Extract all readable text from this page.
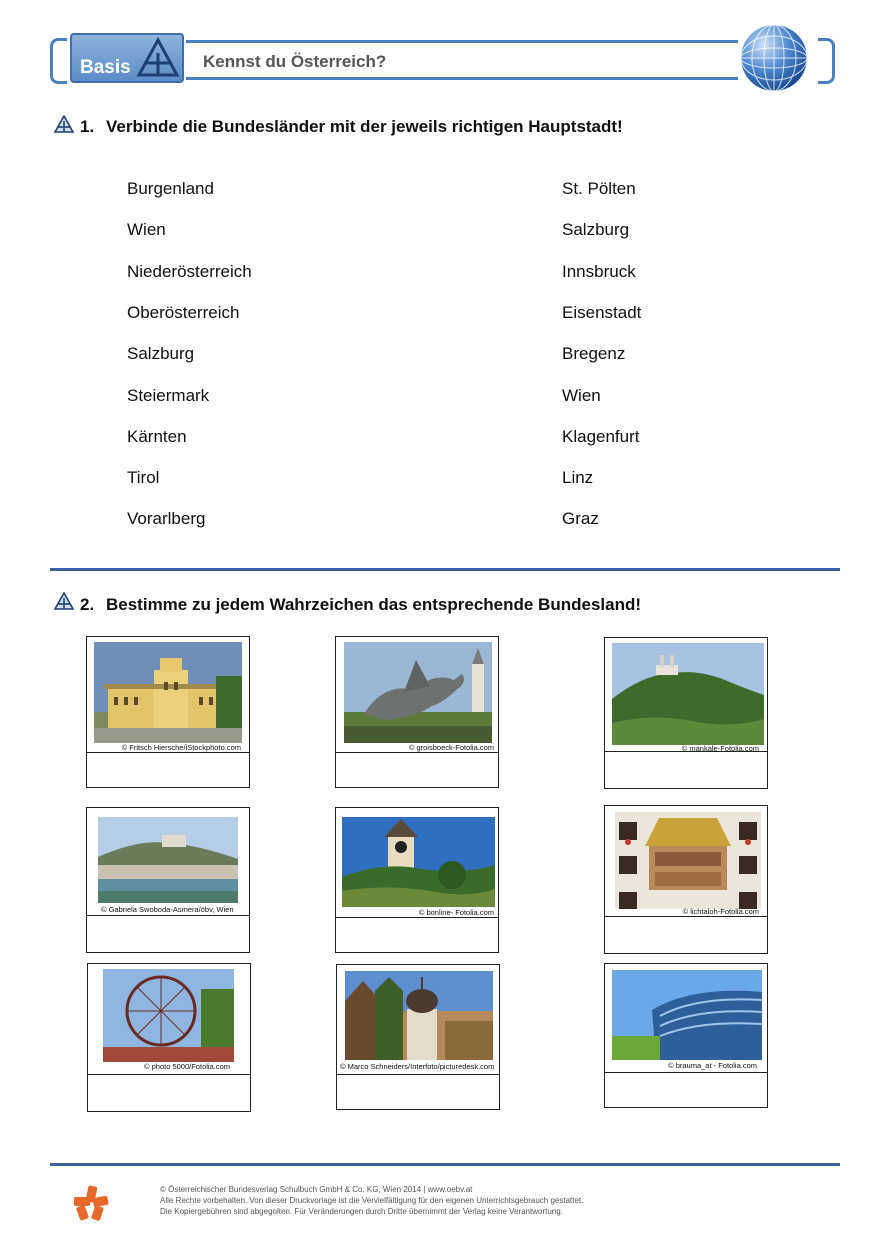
Basis	Kennst du Österreich?
1. Verbinde die Bundesländer mit der jeweils richtigen Hauptstadt!
Burgenland
Wien
Niederösterreich
Oberösterreich
Salzburg
Steiermark
Kärnten
Tirol
Vorarlberg
St. Pölten
Salzburg
Innsbruck
Eisenstadt
Bregenz
Wien
Klagenfurt
Linz
Graz
2. Bestimme zu jedem Wahrzeichen das entsprechende Bundesland!
© Fritsch Hiersche/iStockphoto.com	© groisboeck-Fotolia.com	© mankale-Fotolia.com
© Gabriela Swoboda-Asmera/öbv, Wien	© bonline- Fotolia.com	© lichtaloh-Fotolia.com
© photo 5000/Fotolia.com	© Marco Schneiders/Interfoto/picturedesk.com	© brauma_at - Fotolia.com
© Österreichischer Bundesverlag Schulbuch GmbH & Co. KG, Wien 2014 | www.oebv.at
Alle Rechte vorbehalten. Von dieser Druckvorlage ist die Vervielfältigung für den eigenen Unterrichtsgebrauch gestattet.
Die Kopiergebühren sind abgegolten. Für Veränderungen durch Dritte übernimmt der Verlag keine Verantwortung.
